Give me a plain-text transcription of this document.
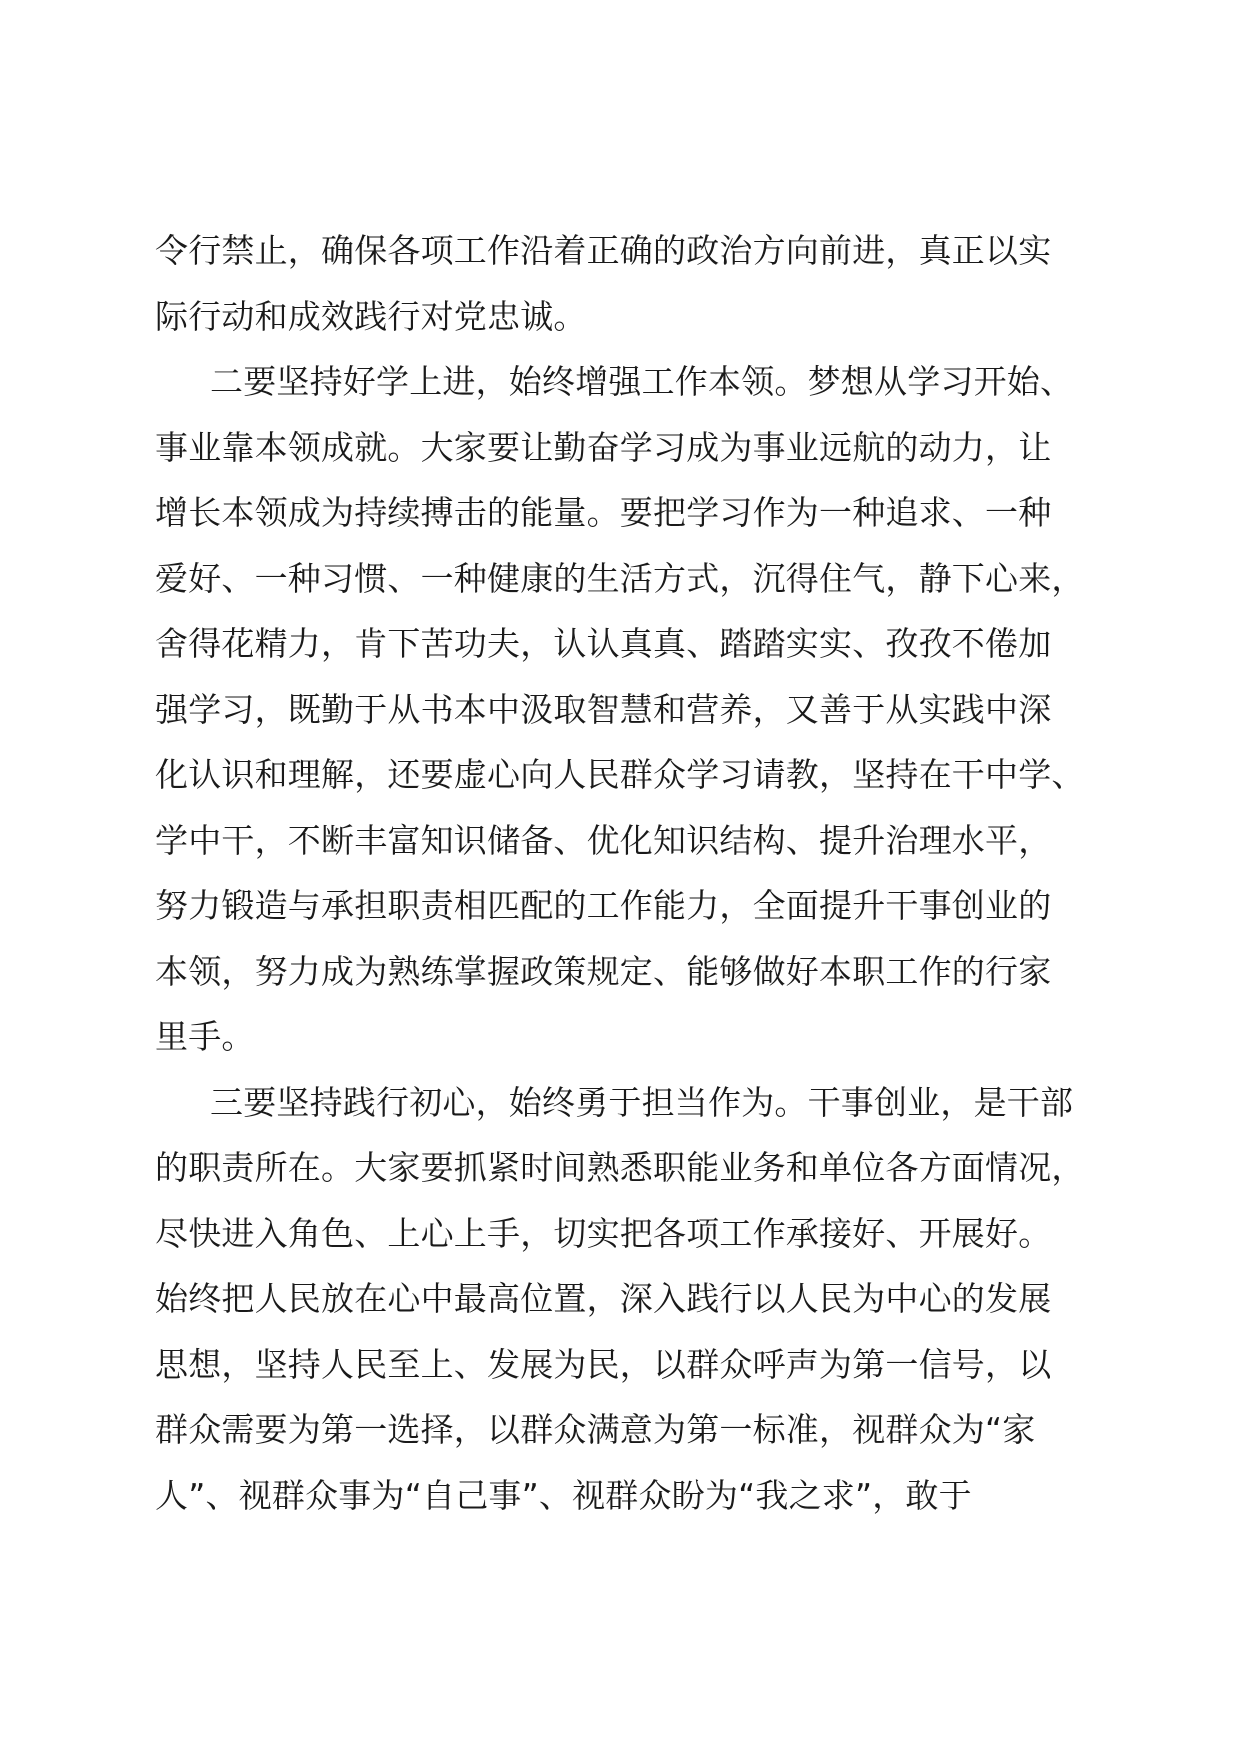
令行禁止，确保各项工作沿着正确的政治方向前进，真正以实
际行动和成效践行对党忠诚。
二要坚持好学上进，始终增强工作本领。梦想从学习开始、
事业靠本领成就。大家要让勤奋学习成为事业远航的动力，让
增长本领成为持续搏击的能量。要把学习作为一种追求、一种
爱好、一种习惯、一种健康的生活方式，沉得住气，静下心来，
舍得花精力，肯下苦功夫，认认真真、踏踏实实、孜孜不倦加
强学习，既勤于从书本中汲取智慧和营养，又善于从实践中深
化认识和理解，还要虚心向人民群众学习请教，坚持在干中学、
学中干，不断丰富知识储备、优化知识结构、提升治理水平，
努力锻造与承担职责相匹配的工作能力，全面提升干事创业的
本领，努力成为熟练掌握政策规定、能够做好本职工作的行家
里手。
三要坚持践行初心，始终勇于担当作为。干事创业，是干部
的职责所在。大家要抓紧时间熟悉职能业务和单位各方面情况，
尽快进入角色、上心上手，切实把各项工作承接好、开展好。
始终把人民放在心中最高位置，深入践行以人民为中心的发展
思想，坚持人民至上、发展为民，以群众呼声为第一信号，以
群众需要为第一选择，以群众满意为第一标准，视群众为“家
人”、视群众事为“自己事”、视群众盼为“我之求”，敢于
